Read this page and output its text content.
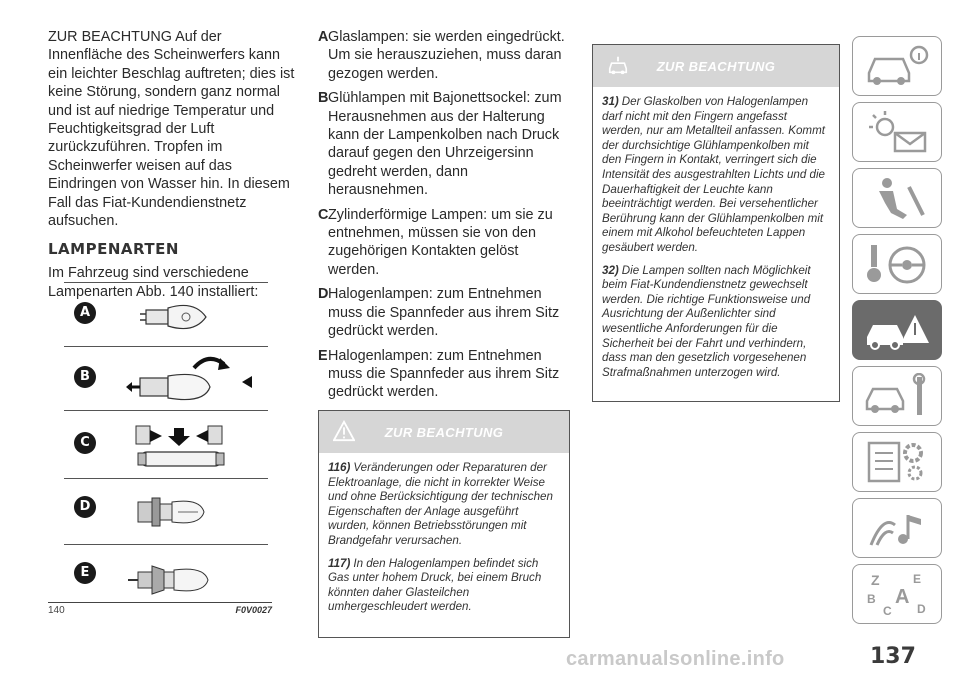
ZUR BEACHTUNG Auf der Innenfläche des Scheinwerfers kann ein leichter Beschlag auftreten; dies ist keine Störung, sondern ganz normal und ist auf niedrige Temperatur und Feuchtigkeitsgrad der Luft zurückzuführen. Tropfen im Scheinwerfer weisen auf das Eindringen von Wasser hin. In diesem Fall das Fiat-Kundendienstnetz aufsuchen.

LAMPENARTEN

Im Fahrzeug sind verschiedene Lampenarten Abb. 140 installiert:

A
B
C
D
E
140	F0V0027
A Glaslampen: sie werden eingedrückt. Um sie herauszuziehen, muss daran gezogen werden.
B Glühlampen mit Bajonettsockel: zum Herausnehmen aus der Halterung kann der Lampenkolben nach Druck darauf gegen den Uhrzeigersinn gedreht werden, dann herausnehmen.
C Zylinderförmige Lampen: um sie zu entnehmen, müssen sie von den zugehörigen Kontakten gelöst werden.
D Halogenlampen: zum Entnehmen muss die Spannfeder aus ihrem Sitz gedrückt werden.
E Halogenlampen: zum Entnehmen muss die Spannfeder aus ihrem Sitz gedrückt werden.
ZUR BEACHTUNG

116) Veränderungen oder Reparaturen der Elektroanlage, die nicht in korrekter Weise und ohne Berücksichtigung der technischen Eigenschaften der Anlage ausgeführt wurden, können Betriebsstörungen mit Brandgefahr verursachen.

117) In den Halogenlampen befindet sich Gas unter hohem Druck, bei einem Bruch könnten daher Glasteilchen umhergeschleudert werden.

ZUR BEACHTUNG

31) Der Glaskolben von Halogenlampen darf nicht mit den Fingern angefasst werden, nur am Metallteil anfassen. Kommt der durchsichtige Glühlampenkolben mit den Fingern in Kontakt, verringert sich die Intensität des ausgestrahlten Lichts und die Dauerhaftigkeit der Leuchte kann beeinträchtigt werden. Bei versehentlicher Berührung kann der Glühlampenkolben mit einem mit Alkohol befeuchteten Lappen gesäubert werden.

32) Die Lampen sollten nach Möglichkeit beim Fiat-Kundendienstnetz gewechselt werden. Die richtige Funktionsweise und Ausrichtung der Außenlichter sind wesentliche Anforderungen für die Sicherheit bei der Fahrt und verhindern, dass man den gesetzlich vorgesehenen Strafmaßnahmen unterzogen wird.

Z	E
B A
C D
137
carmanualsonline.info
